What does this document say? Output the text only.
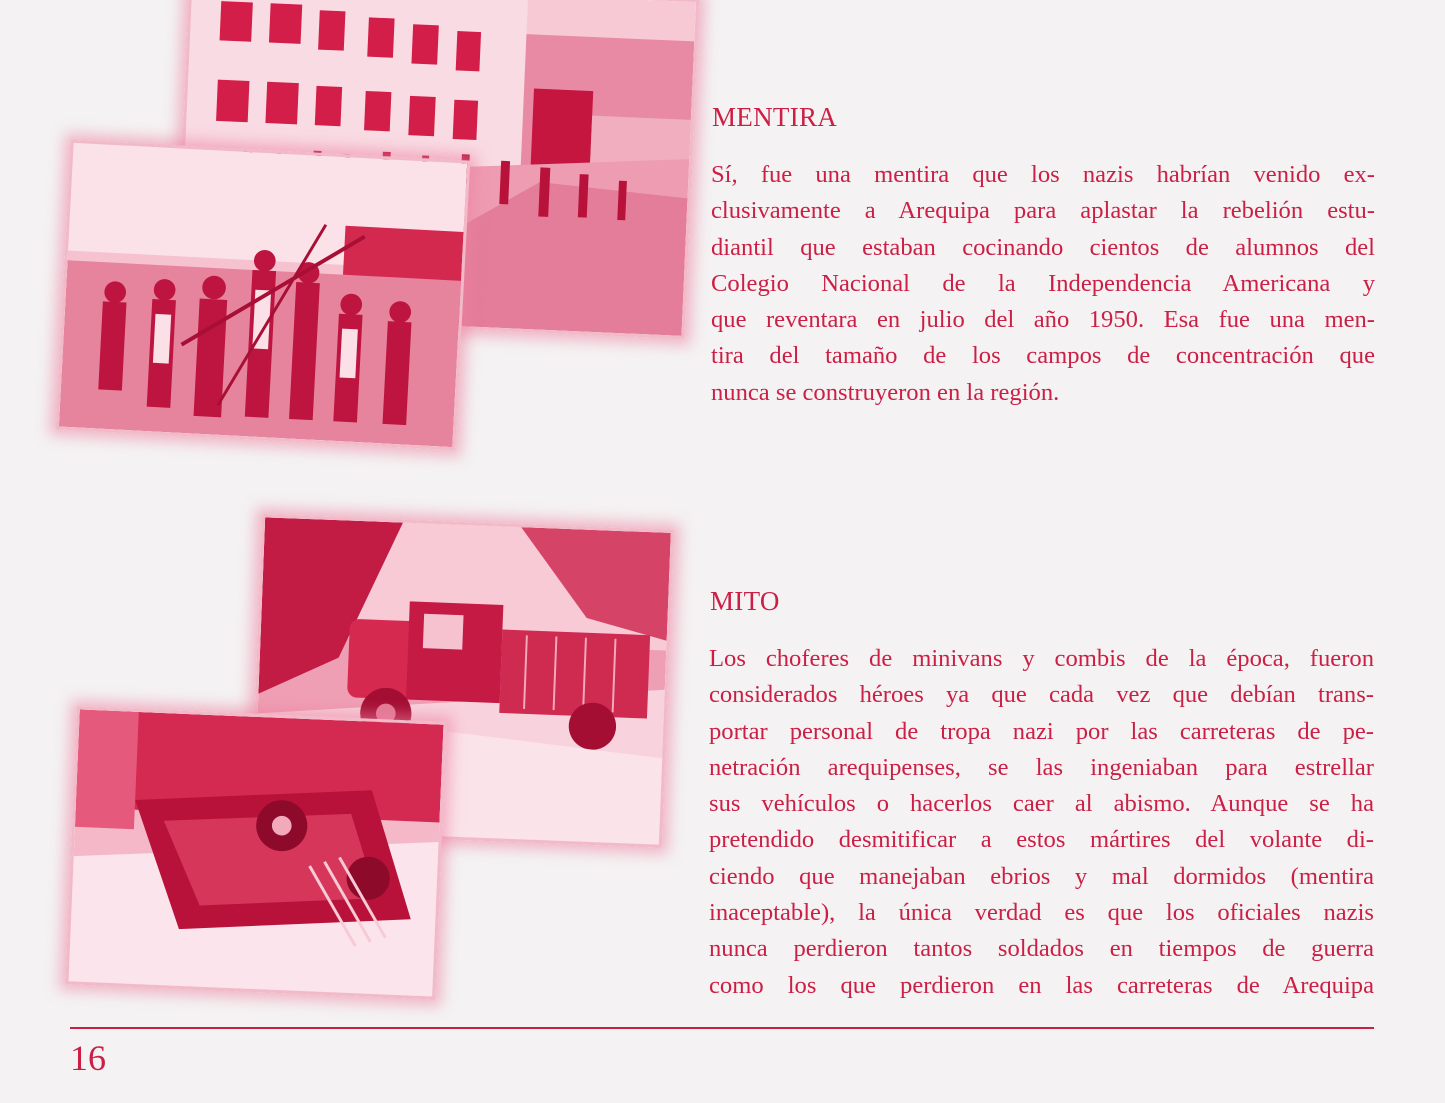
MENTIRA

Sí, fue una mentira que los nazis habrían venido ex-
clusivamente a Arequipa para aplastar la rebelión estu-
diantil que estaban cocinando cientos de alumnos del
Colegio Nacional de la Independencia Americana y
que reventara en julio del año 1950. Esa fue una men-
tira del tamaño de los campos de concentración que
nunca se construyeron en la región.

MITO

Los choferes de minivans y combis de la época, fueron
considerados héroes ya que cada vez que debían trans-
portar personal de tropa nazi por las carreteras de pe-
netración arequipenses, se las ingeniaban para estrellar
sus vehículos o hacerlos caer al abismo. Aunque se ha
pretendido desmitificar a estos mártires del volante di-
ciendo que manejaban ebrios y mal dormidos (mentira
inaceptable), la única verdad es que los oficiales nazis
nunca perdieron tantos soldados en tiempos de guerra
como los que perdieron en las carreteras de Arequipa

16
